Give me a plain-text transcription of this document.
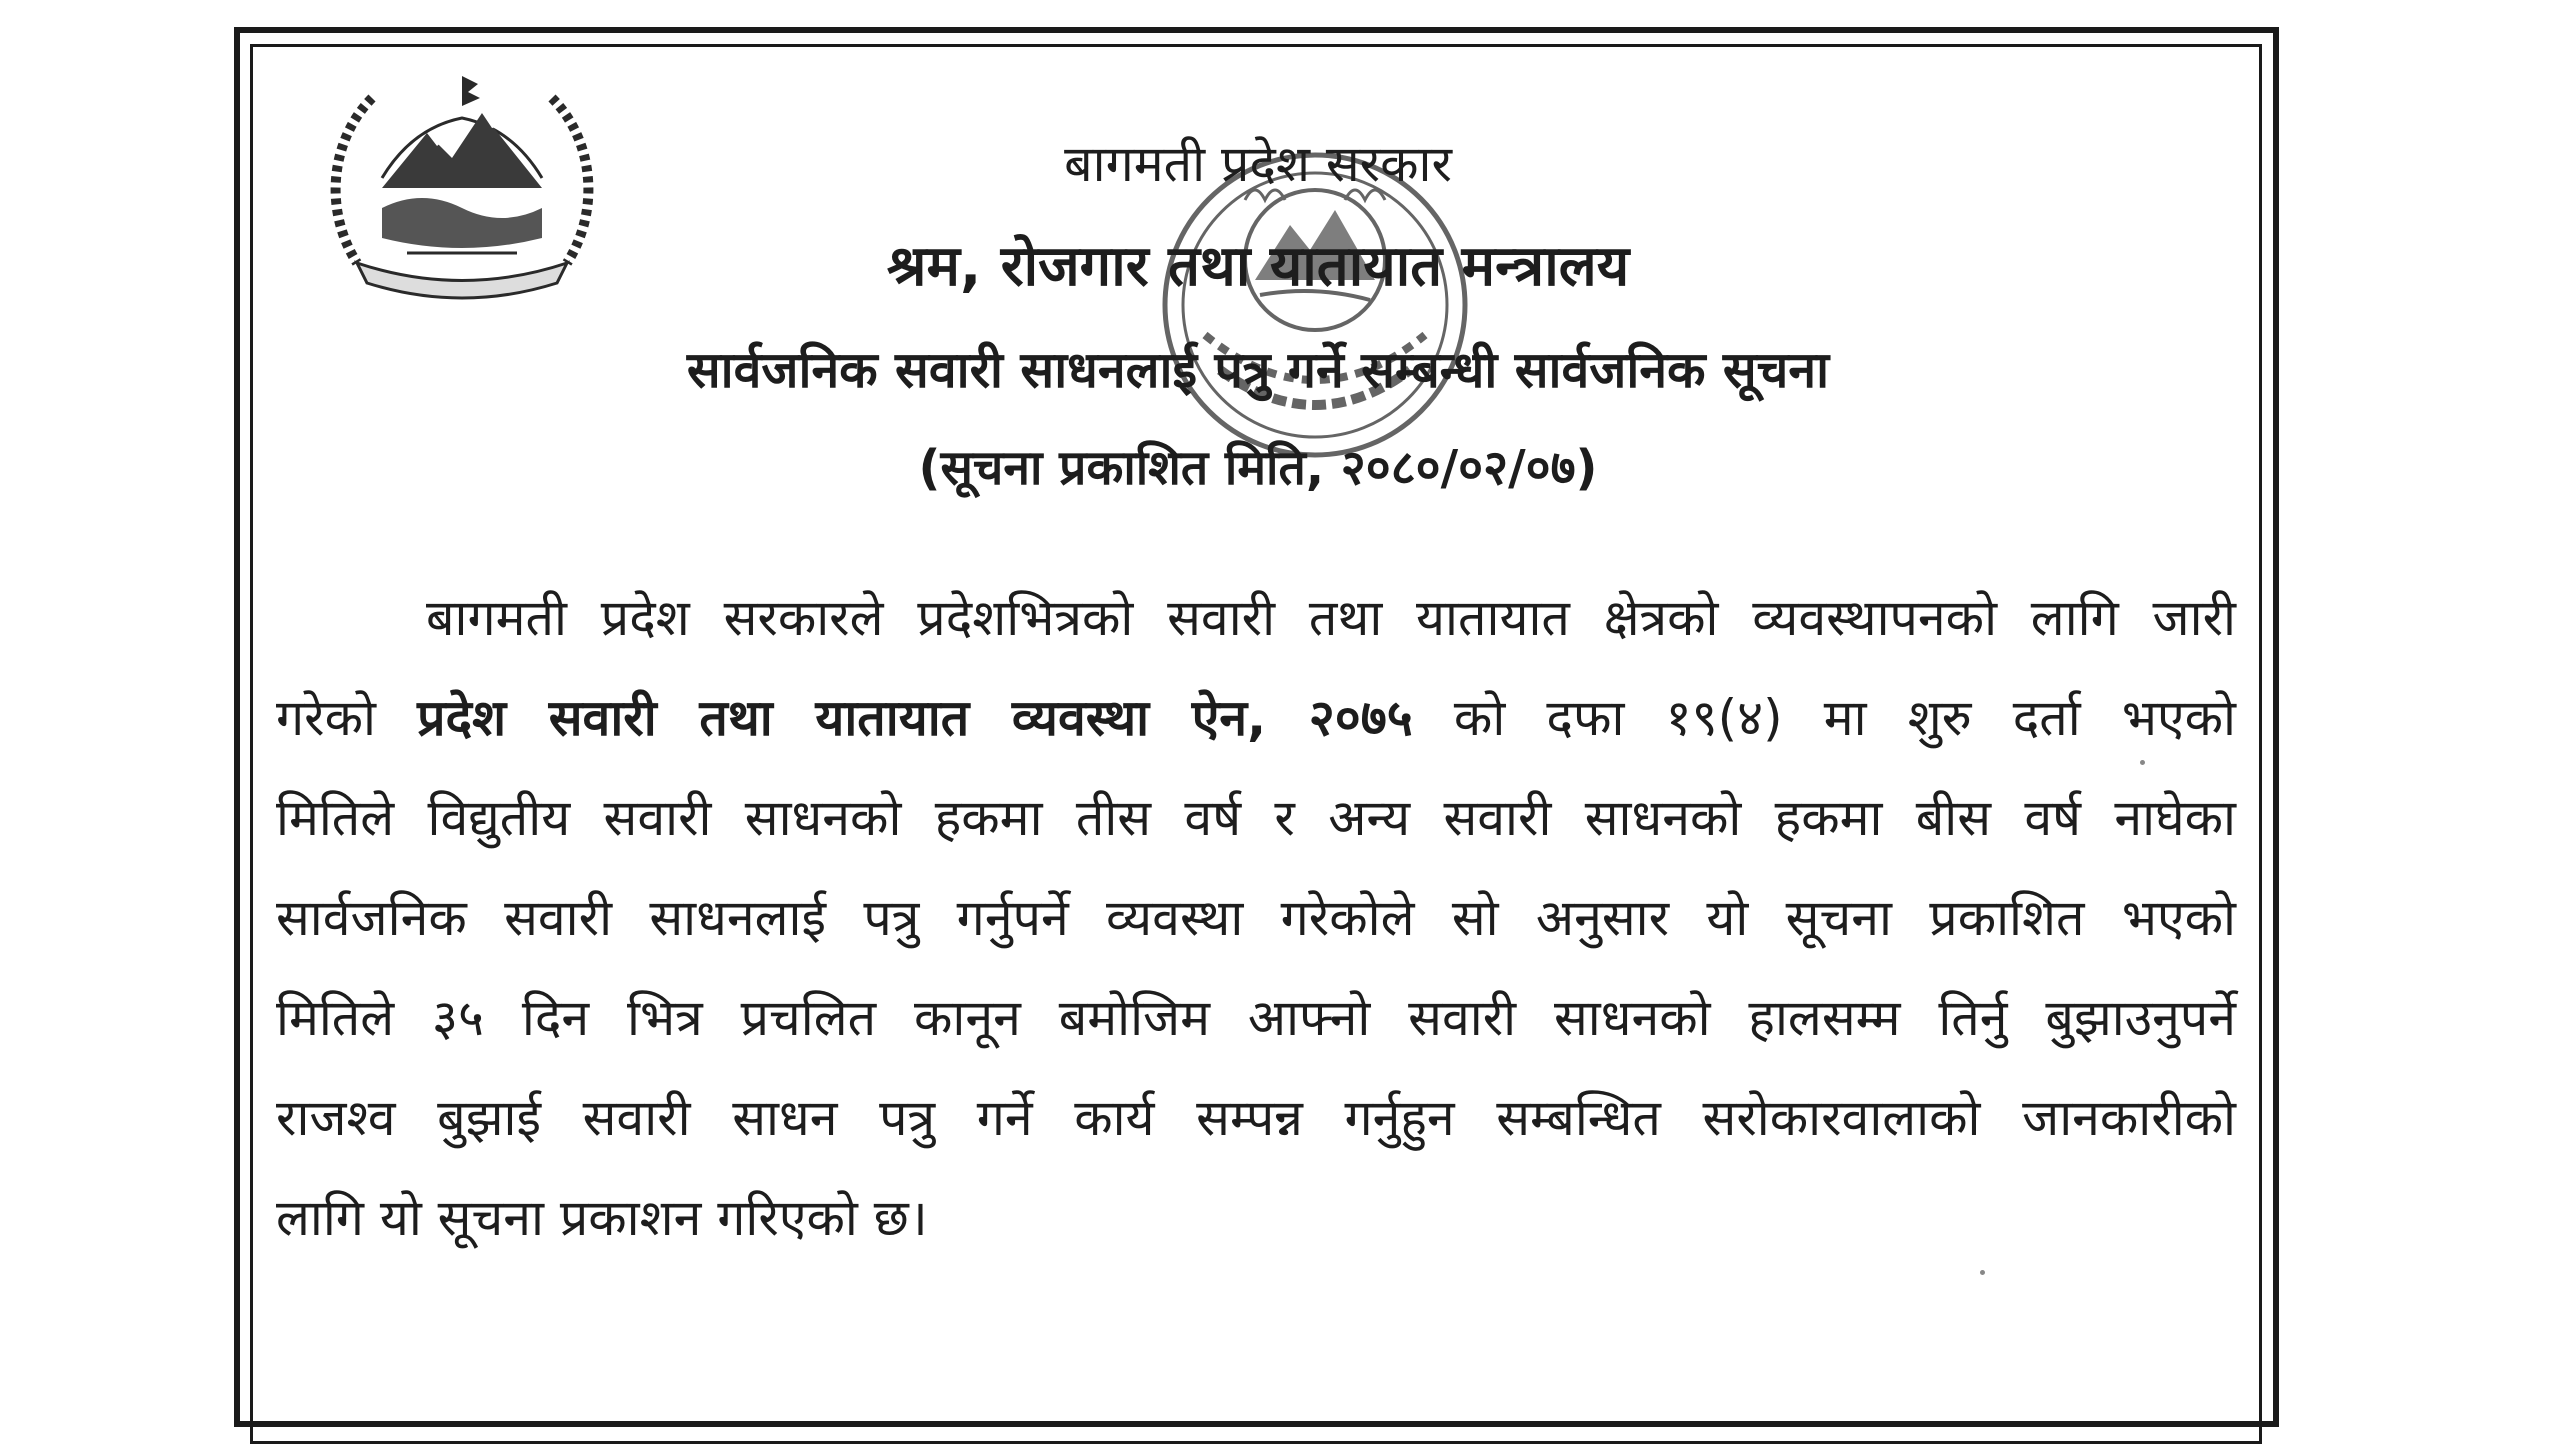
बागमती प्रदेश सरकार
श्रम, रोजगार तथा यातायात मन्त्रालय
सार्वजनिक सवारी साधनलाई पत्रु गर्ने सम्बन्धी सार्वजनिक सूचना
(सूचना प्रकाशित मिति, २०८०/०२/०७)
बागमती प्रदेश सरकारले प्रदेशभित्रको सवारी तथा यातायात क्षेत्रको व्यवस्थापनको लागि जारी
गरेको प्रदेश सवारी तथा यातायात व्यवस्था ऐन, २०७५ को दफा १९(४) मा शुरु दर्ता भएको
मितिले विद्युतीय सवारी साधनको हकमा तीस वर्ष र अन्य सवारी साधनको हकमा बीस वर्ष नाघेका
सार्वजनिक सवारी साधनलाई पत्रु गर्नुपर्ने व्यवस्था गरेकोले सो अनुसार यो सूचना प्रकाशित भएको
मितिले ३५ दिन भित्र प्रचलित कानून बमोजिम आफ्नो सवारी साधनको हालसम्म तिर्नु बुझाउनुपर्ने
राजश्व बुझाई सवारी साधन पत्रु गर्ने कार्य सम्पन्न गर्नुहुन सम्बन्धित सरोकारवालाको जानकारीको
लागि यो सूचना प्रकाशन गरिएको छ।
